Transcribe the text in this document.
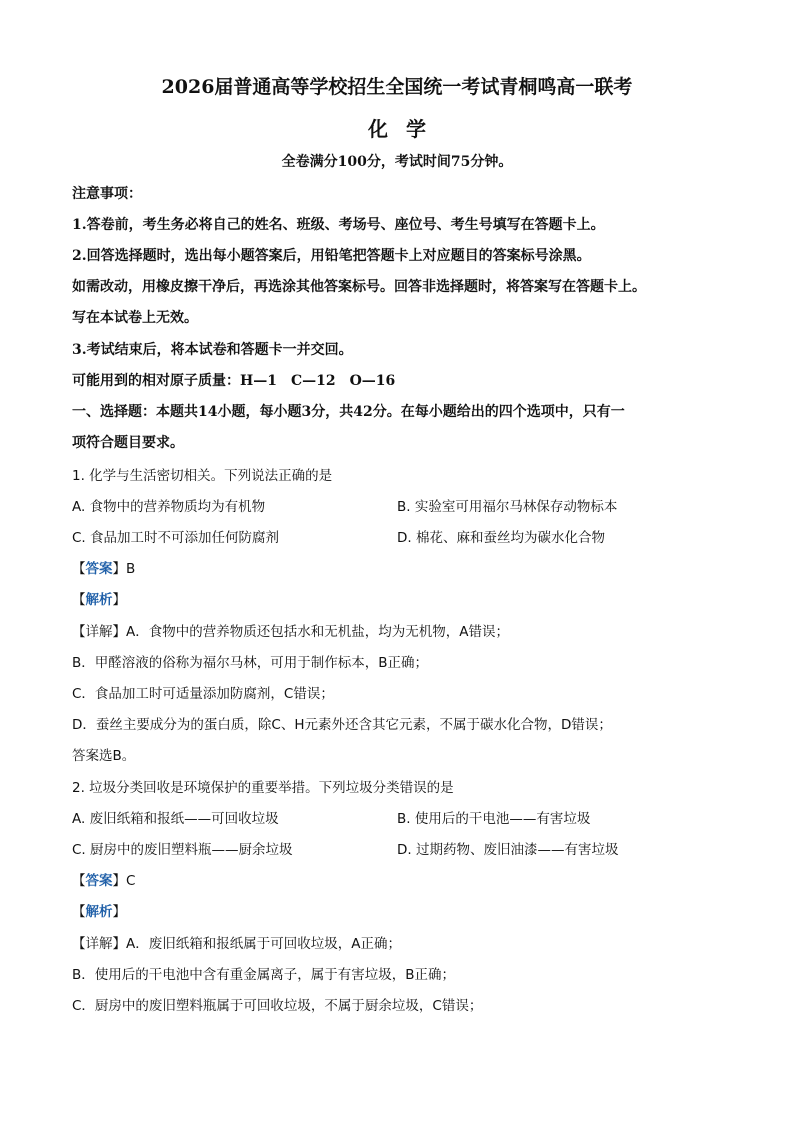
2026届普通高等学校招生全国统一考试青桐鸣高一联考
化学
全卷满分100分，考试时间75分钟。
注意事项：
1.答卷前，考生务必将自己的姓名、班级、考场号、座位号、考生号填写在答题卡上。
2.回答选择题时，选出每小题答案后，用铅笔把答题卡上对应题目的答案标号涂黑。
如需改动，用橡皮擦干净后，再选涂其他答案标号。回答非选择题时，将答案写在答题卡上。
写在本试卷上无效。
3.考试结束后，将本试卷和答题卡一并交回。
可能用到的相对原子质量：H—1　C—12　O—16
一、选择题：本题共14小题，每小题3分，共42分。在每小题给出的四个选项中，只有一
项符合题目要求。
1. 化学与生活密切相关。下列说法正确的是
A. 食物中的营养物质均为有机物	B. 实验室可用福尔马林保存动物标本
C. 食品加工时不可添加任何防腐剂	D. 棉花、麻和蚕丝均为碳水化合物
【答案】B
【解析】
【详解】A．食物中的营养物质还包括水和无机盐，均为无机物，A错误；
B．甲醛溶液的俗称为福尔马林，可用于制作标本，B正确；
C．食品加工时可适量添加防腐剂，C错误；
D．蚕丝主要成分为的蛋白质，除C、H元素外还含其它元素，不属于碳水化合物，D错误；
答案选B。
2. 垃圾分类回收是环境保护的重要举措。下列垃圾分类错误的是
A. 废旧纸箱和报纸——可回收垃圾	B. 使用后的干电池——有害垃圾
C. 厨房中的废旧塑料瓶——厨余垃圾	D. 过期药物、废旧油漆——有害垃圾
【答案】C
【解析】
【详解】A．废旧纸箱和报纸属于可回收垃圾，A正确；
B．使用后的干电池中含有重金属离子，属于有害垃圾，B正确；
C．厨房中的废旧塑料瓶属于可回收垃圾，不属于厨余垃圾，C错误；
